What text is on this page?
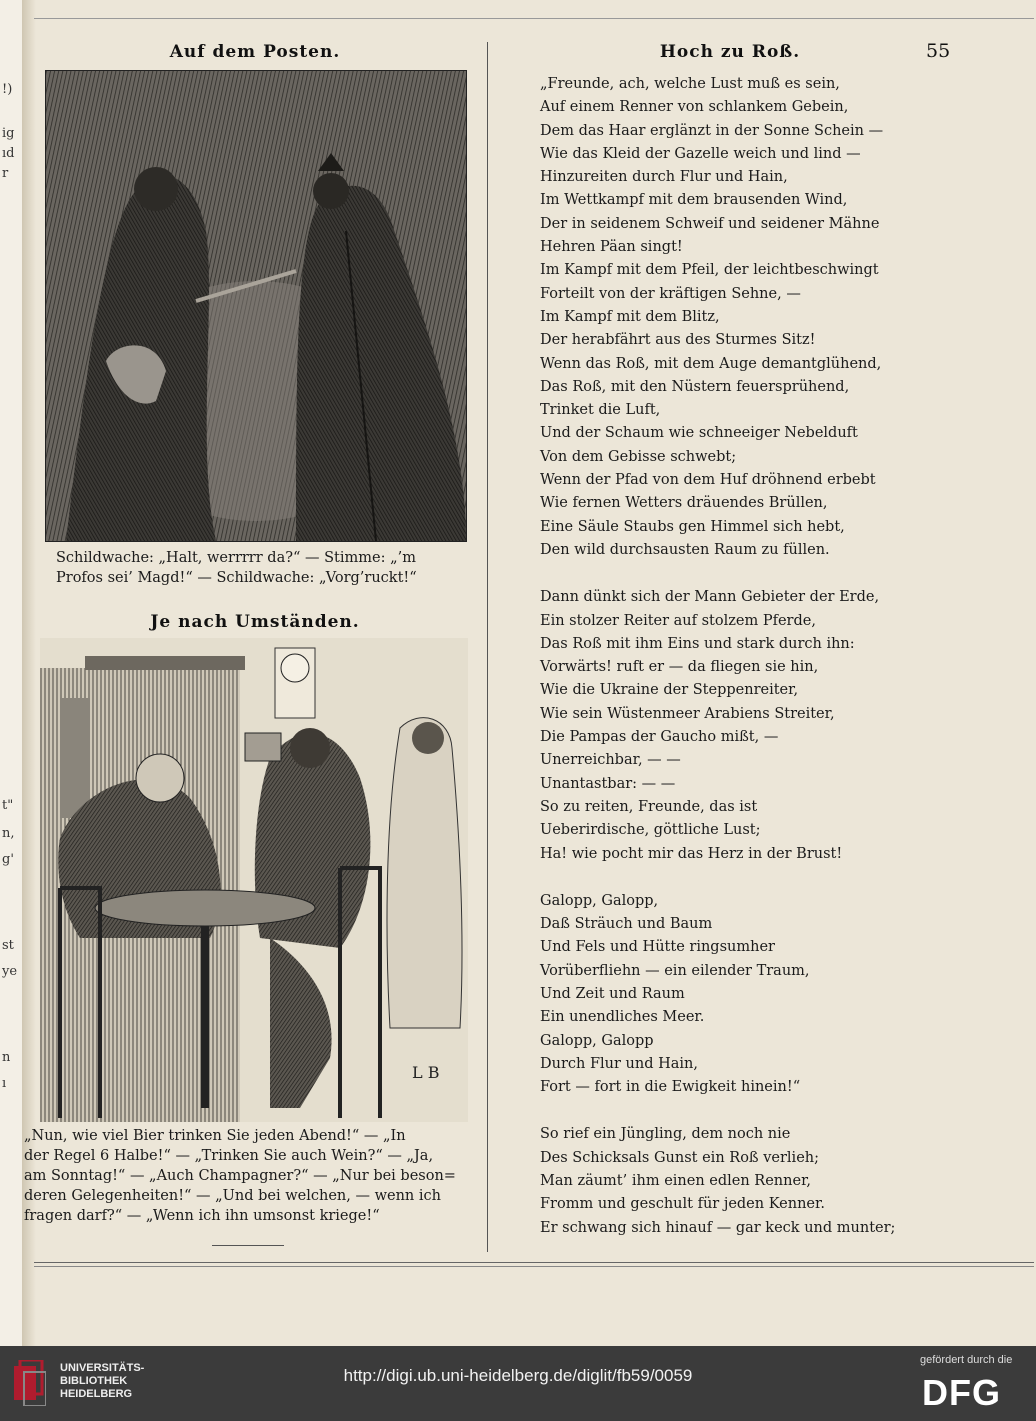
!)
ig
ıd
r
t"
n,
g'
st
ye
n
ı
Auf dem Posten.
Schildwache: „Halt, werrrrr da?“ — Stimme: „’m
Profos sei’ Magd!“ — Schildwache: „Vorg’ruckt!“
Je nach Umständen.
L B
„Nun, wie viel Bier trinken Sie jeden Abend!“ — „In
der Regel 6 Halbe!“ — „Trinken Sie auch Wein?“ — „Ja,
am Sonntag!“ — „Auch Champagner?“ — „Nur bei beson=
deren Gelegenheiten!“ — „Und bei welchen, — wenn ich
fragen darf?“ — „Wenn ich ihn umsonst kriege!“
Hoch zu Roß.	55
„Freunde, ach, welche Lust muß es sein,
Auf einem Renner von schlankem Gebein,
Dem das Haar erglänzt in der Sonne Schein —
Wie das Kleid der Gazelle weich und lind —
Hinzureiten durch Flur und Hain,
Im Wettkampf mit dem brausenden Wind,
Der in seidenem Schweif und seidener Mähne
Hehren Päan singt!
Im Kampf mit dem Pfeil, der leichtbeschwingt
Forteilt von der kräftigen Sehne, —
Im Kampf mit dem Blitz,
Der herabfährt aus des Sturmes Sitz!
Wenn das Roß, mit dem Auge demantglühend,
Das Roß, mit den Nüstern feuersprühend,
Trinket die Luft,
Und der Schaum wie schneeiger Nebelduft
Von dem Gebisse schwebt;
Wenn der Pfad von dem Huf dröhnend erbebt
Wie fernen Wetters dräuendes Brüllen,
Eine Säule Staubs gen Himmel sich hebt,
Den wild durchsausten Raum zu füllen.
Dann dünkt sich der Mann Gebieter der Erde,
Ein stolzer Reiter auf stolzem Pferde,
Das Roß mit ihm Eins und stark durch ihn:
Vorwärts! ruft er — da fliegen sie hin,
Wie die Ukraine der Steppenreiter,
Wie sein Wüstenmeer Arabiens Streiter,
Die Pampas der Gaucho mißt, —
Unerreichbar, — —
Unantastbar: — —
So zu reiten, Freunde, das ist
Ueberirdische, göttliche Lust;
Ha! wie pocht mir das Herz in der Brust!
Galopp, Galopp,
Daß Sträuch und Baum
Und Fels und Hütte ringsumher
Vorüberfliehn — ein eilender Traum,
Und Zeit und Raum
Ein unendliches Meer.
Galopp, Galopp
Durch Flur und Hain,
Fort — fort in die Ewigkeit hinein!“
So rief ein Jüngling, dem noch nie
Des Schicksals Gunst ein Roß verlieh;
Man zäumt’ ihm einen edlen Renner,
Fromm und geschult für jeden Kenner.
Er schwang sich hinauf — gar keck und munter;
UNIVERSITÄTS-
BIBLIOTHEK
HEIDELBERG
http://digi.ub.uni-heidelberg.de/diglit/fb59/0059
gefördert durch die
DFG
